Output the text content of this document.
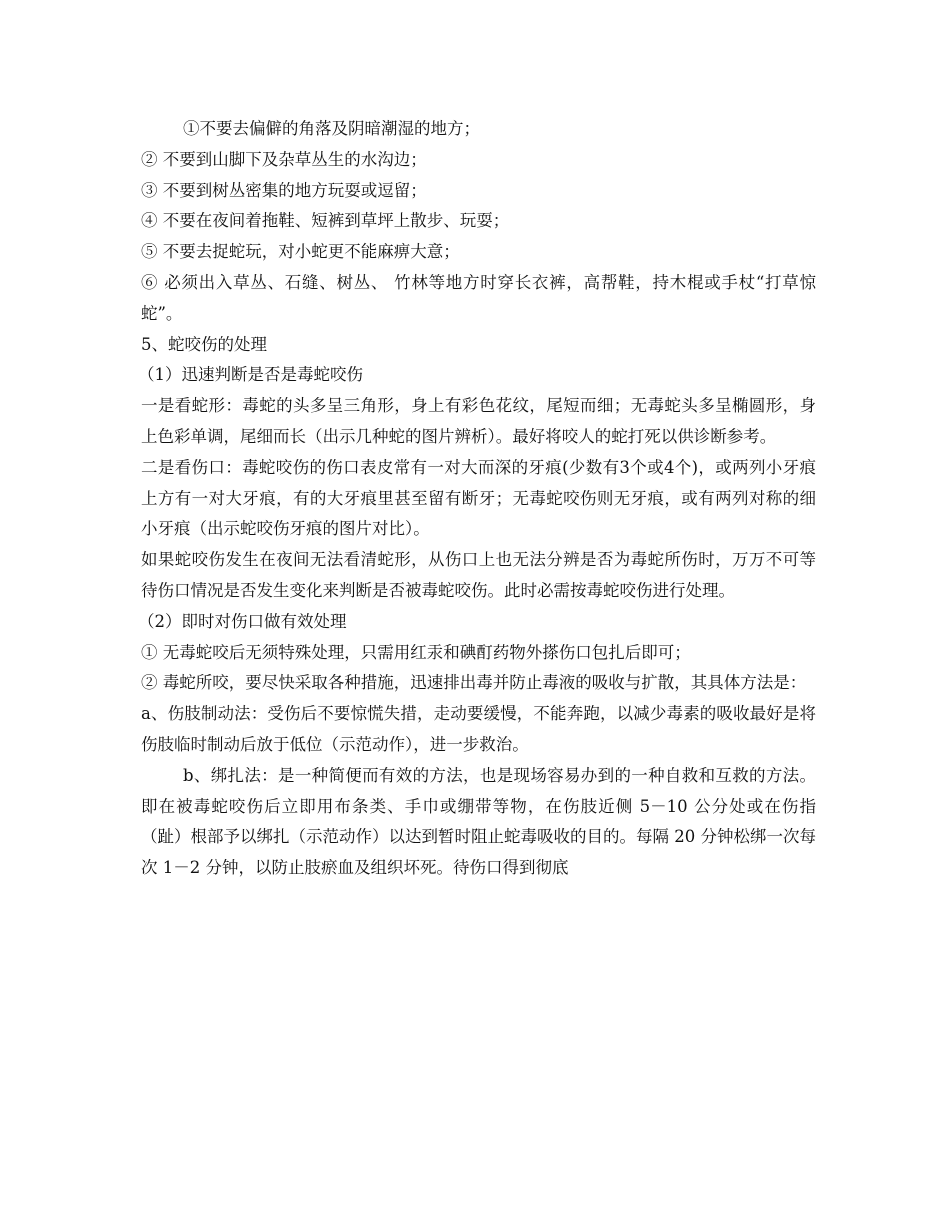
①不要去偏僻的角落及阴暗潮湿的地方；

② 不要到山脚下及杂草丛生的水沟边；

③ 不要到树丛密集的地方玩耍或逗留；

④ 不要在夜间着拖鞋、短裤到草坪上散步、玩耍；

⑤ 不要去捉蛇玩，对小蛇更不能麻痹大意；

⑥ 必须出入草丛、石缝、树丛、 竹林等地方时穿长衣裤，高帮鞋，持木棍或手杖“打草惊蛇”。

5、蛇咬伤的处理

（1）迅速判断是否是毒蛇咬伤

一是看蛇形：毒蛇的头多呈三角形，身上有彩色花纹，尾短而细；无毒蛇头多呈椭圆形，身上色彩单调，尾细而长（出示几种蛇的图片辨析）。最好将咬人的蛇打死以供诊断参考。

二是看伤口：毒蛇咬伤的伤口表皮常有一对大而深的牙痕(少数有3个或4个)，或两列小牙痕上方有一对大牙痕，有的大牙痕里甚至留有断牙；无毒蛇咬伤则无牙痕，或有两列对称的细小牙痕（出示蛇咬伤牙痕的图片对比）。

如果蛇咬伤发生在夜间无法看清蛇形，从伤口上也无法分辨是否为毒蛇所伤时，万万不可等待伤口情况是否发生变化来判断是否被毒蛇咬伤。此时必需按毒蛇咬伤进行处理。

（2）即时对伤口做有效处理

① 无毒蛇咬后无须特殊处理，只需用红汞和碘酊药物外搽伤口包扎后即可；

② 毒蛇所咬，要尽快采取各种措施，迅速排出毒并防止毒液的吸收与扩散，其具体方法是：

a、伤肢制动法：受伤后不要惊慌失措，走动要缓慢，不能奔跑，以减少毒素的吸收最好是将伤肢临时制动后放于低位（示范动作），进一步救治。

b、绑扎法：是一种简便而有效的方法，也是现场容易办到的一种自救和互救的方法。即在被毒蛇咬伤后立即用布条类、手巾或绷带等物，在伤肢近侧 5－10 公分处或在伤指（趾）根部予以绑扎（示范动作）以达到暂时阻止蛇毒吸收的目的。每隔 20 分钟松绑一次每次 1－2 分钟，以防止肢瘀血及组织坏死。待伤口得到彻底
